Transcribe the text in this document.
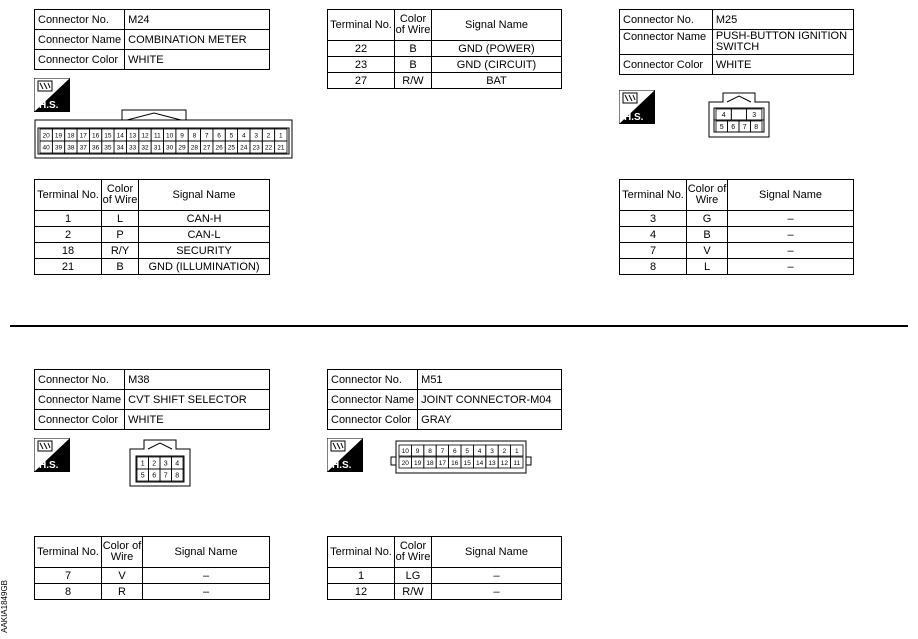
Connector No.	M24
Connector Name	COMBINATION METER
Connector Color	WHITE
H.S.
20 19 18 17 16 15 14 13 12 11 10 9 8 7 6 5 4 3 2 1
40 39 38 37 36 35 34 33 32 31 30 29 28 27 26 25 24 23 22 21
Terminal No.	Color of Wire	Signal Name
1	L	CAN-H
2	P	CAN-L
18	R/Y	SECURITY
21	B	GND (ILLUMINATION)
Terminal No.	Color of Wire	Signal Name
22	B	GND (POWER)
23	B	GND (CIRCUIT)
27	R/W	BAT
Connector No.	M25
Connector Name	PUSH-BUTTON IGNITION SWITCH
Connector Color	WHITE
H.S.	4	3
5 6 7 8
Terminal No.	Color of Wire	Signal Name
3	G	–
4	B	–
7	V	–
8	L	–
Connector No.	M38
Connector Name	CVT SHIFT SELECTOR
Connector Color	WHITE
H.S.	1 2 3 4
5 6 7 8
Terminal No.	Color of Wire	Signal Name
7	V	–
8	R	–
Connector No.	M51
Connector Name	JOINT CONNECTOR-M04
Connector Color	GRAY
H.S.
10 9 8 7 6 5 4 3 2 1
20 19 18 17 16 15 14 13 12 11
Terminal No.	Color of Wire	Signal Name
1	LG	–
12	R/W	–
AAKIA1849GB
